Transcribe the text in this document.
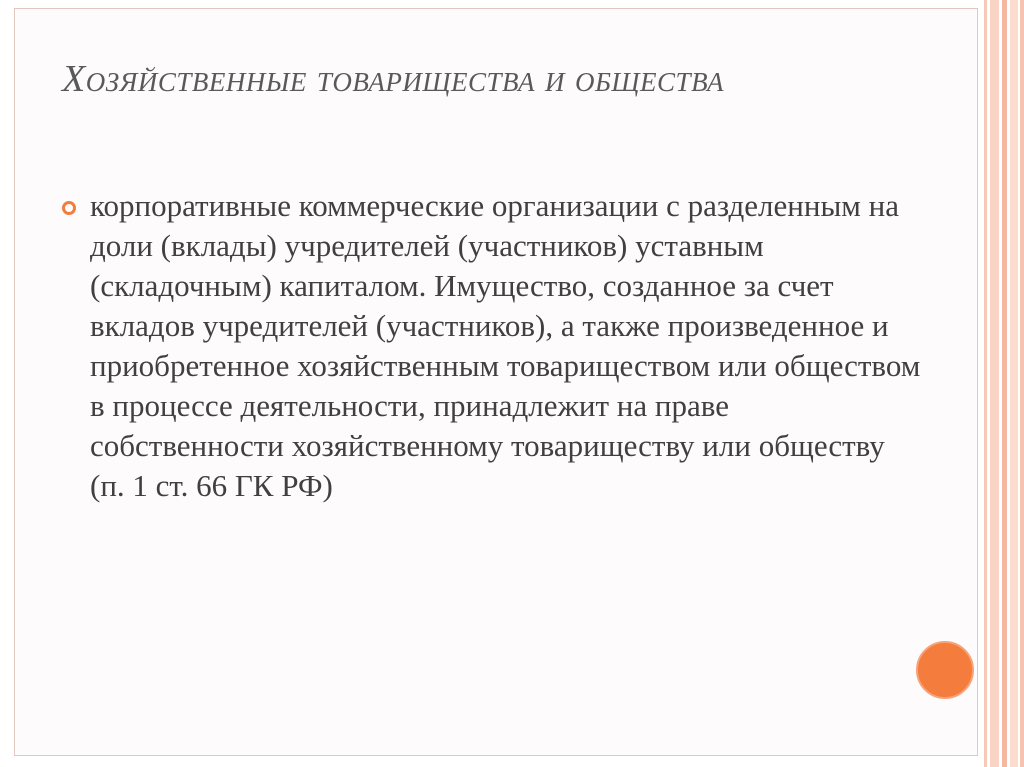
Хозяйственные товарищества и общества

корпоративные коммерческие организации с разделенным на доли (вклады) учредителей (участников) уставным (складочным) капиталом. Имущество, созданное за счет вкладов учредителей (участников), а также произведенное и приобретенное хозяйственным товариществом или обществом в процессе деятельности, принадлежит на праве собственности хозяйственному товариществу или обществу (п. 1 ст. 66 ГК РФ)
